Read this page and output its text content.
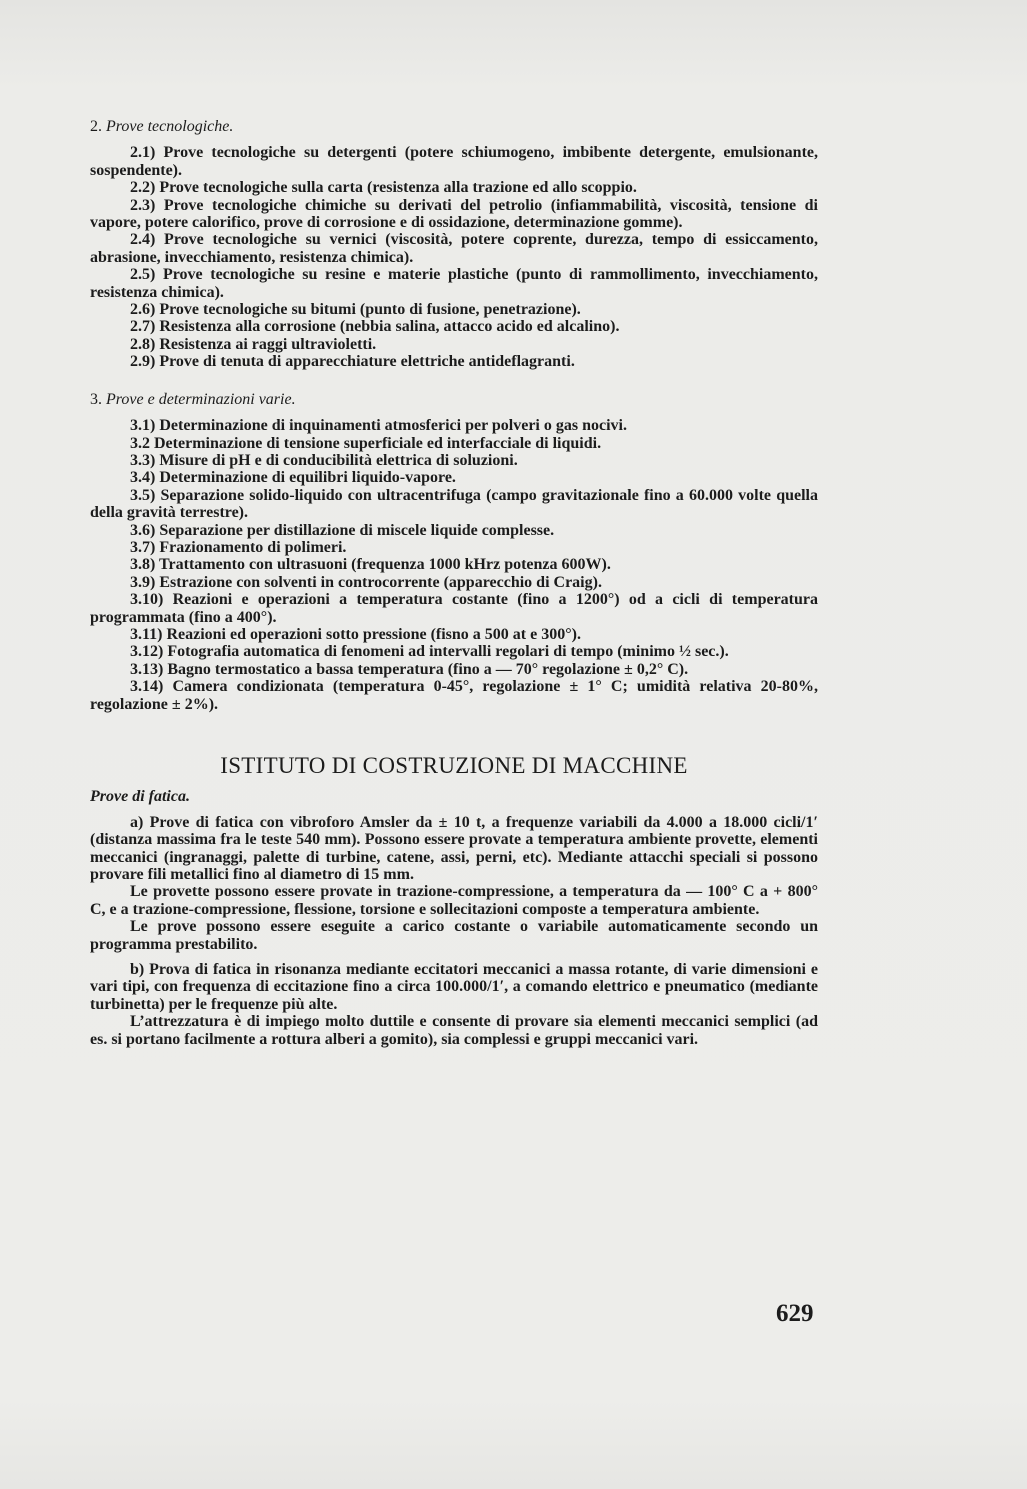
2. Prove tecnologiche.

2.1) Prove tecnologiche su detergenti (potere schiumogeno, imbibente detergente, emulsionante, sospendente).

2.2) Prove tecnologiche sulla carta (resistenza alla trazione ed allo scoppio.

2.3) Prove tecnologiche chimiche su derivati del petrolio (infiammabilità, viscosità, tensione di vapore, potere calorifico, prove di corrosione e di ossidazione, determinazione gomme).

2.4) Prove tecnologiche su vernici (viscosità, potere coprente, durezza, tempo di essiccamento, abrasione, invecchiamento, resistenza chimica).

2.5) Prove tecnologiche su resine e materie plastiche (punto di rammollimento, invecchiamento, resistenza chimica).

2.6) Prove tecnologiche su bitumi (punto di fusione, penetrazione).

2.7) Resistenza alla corrosione (nebbia salina, attacco acido ed alcalino).

2.8) Resistenza ai raggi ultravioletti.

2.9) Prove di tenuta di apparecchiature elettriche antideflagranti.

3. Prove e determinazioni varie.

3.1) Determinazione di inquinamenti atmosferici per polveri o gas nocivi.

3.2 Determinazione di tensione superficiale ed interfacciale di liquidi.

3.3) Misure di pH e di conducibilità elettrica di soluzioni.

3.4) Determinazione di equilibri liquido-vapore.

3.5) Separazione solido-liquido con ultracentrifuga (campo gravitazionale fino a 60.000 volte quella della gravità terrestre).

3.6) Separazione per distillazione di miscele liquide complesse.

3.7) Frazionamento di polimeri.

3.8) Trattamento con ultrasuoni (frequenza 1000 kHrz potenza 600W).

3.9) Estrazione con solventi in controcorrente (apparecchio di Craig).

3.10) Reazioni e operazioni a temperatura costante (fino a 1200°) od a cicli di temperatura programmata (fino a 400°).

3.11) Reazioni ed operazioni sotto pressione (fisno a 500 at e 300°).

3.12) Fotografia automatica di fenomeni ad intervalli regolari di tempo (minimo ½ sec.).

3.13) Bagno termostatico a bassa temperatura (fino a — 70° regolazione ± 0,2° C).

3.14) Camera condizionata (temperatura 0-45°, regolazione ± 1° C; umidità relativa 20-80%, regolazione ± 2%).

ISTITUTO DI COSTRUZIONE DI MACCHINE
Prove di fatica.

a) Prove di fatica con vibroforo Amsler da ± 10 t, a frequenze variabili da 4.000 a 18.000 cicli/1′ (distanza massima fra le teste 540 mm). Possono essere provate a temperatura ambiente provette, elementi meccanici (ingranaggi, palette di turbine, catene, assi, perni, etc). Mediante attacchi speciali si possono provare fili metallici fino al diametro di 15 mm.

Le provette possono essere provate in trazione-compressione, a temperatura da — 100° C a + 800° C, e a trazione-compressione, flessione, torsione e sollecitazioni composte a temperatura ambiente.

Le prove possono essere eseguite a carico costante o variabile automaticamente secondo un programma prestabilito.

b) Prova di fatica in risonanza mediante eccitatori meccanici a massa rotante, di varie dimensioni e vari tipi, con frequenza di eccitazione fino a circa 100.000/1′, a comando elettrico e pneumatico (mediante turbinetta) per le frequenze più alte.

L’attrezzatura è di impiego molto duttile e consente di provare sia elementi meccanici semplici (ad es. si portano facilmente a rottura alberi a gomito), sia complessi e gruppi meccanici vari.

629
